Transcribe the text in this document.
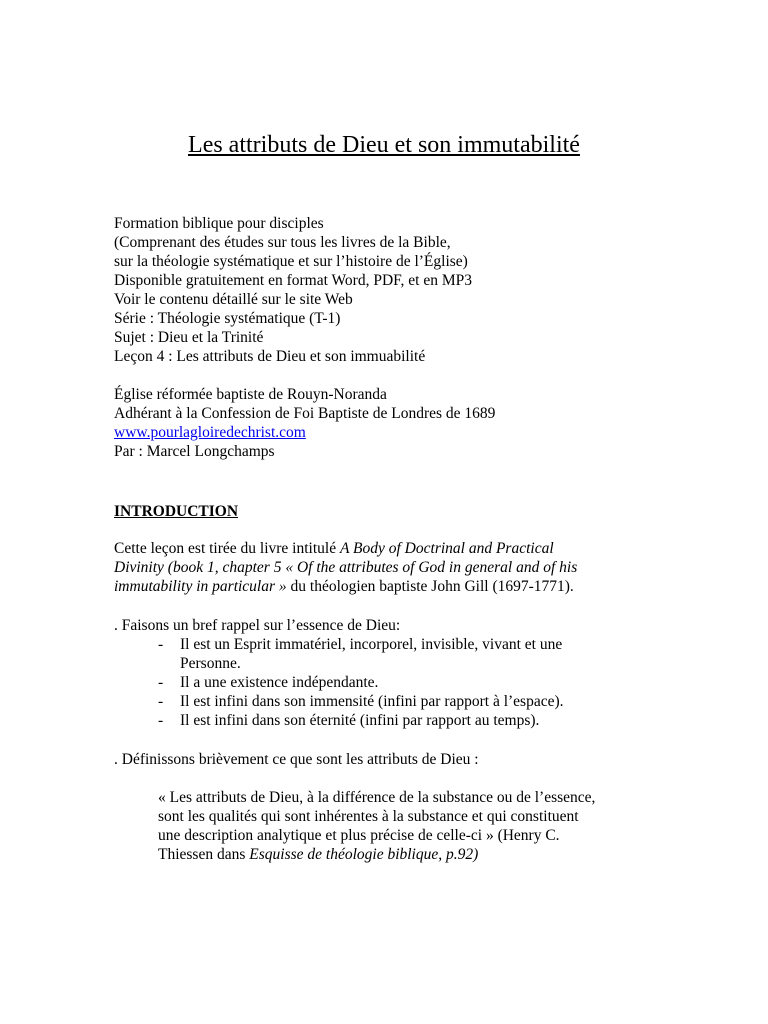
Les attributs de Dieu et son immutabilité
Formation biblique pour disciples
(Comprenant des études sur tous les livres de la Bible,
sur la théologie systématique et sur l’histoire de l’Église)
Disponible gratuitement en format Word, PDF, et en MP3
Voir le contenu détaillé sur le site Web
Série : Théologie systématique (T-1)
Sujet : Dieu et la Trinité
Leçon 4 : Les attributs de Dieu et son immuabilité
Église réformée baptiste de Rouyn-Noranda
Adhérant à la Confession de Foi Baptiste de Londres de 1689
www.pourlagloiredechrist.com
Par : Marcel Longchamps
INTRODUCTION
Cette leçon est tirée du livre intitulé A Body of Doctrinal and Practical
Divinity (book 1, chapter 5 « Of the attributes of God in general and of his
immutability in particular » du théologien baptiste John Gill (1697-1771).
. Faisons un bref rappel sur l’essence de Dieu:
- Il est un Esprit immatériel, incorporel, invisible, vivant et une
Personne.
- Il a une existence indépendante.
- Il est infini dans son immensité (infini par rapport à l’espace).
- Il est infini dans son éternité (infini par rapport au temps).
. Définissons brièvement ce que sont les attributs de Dieu :
« Les attributs de Dieu, à la différence de la substance ou de l’essence,
sont les qualités qui sont inhérentes à la substance et qui constituent
une description analytique et plus précise de celle-ci » (Henry C.
Thiessen dans Esquisse de théologie biblique, p.92)
